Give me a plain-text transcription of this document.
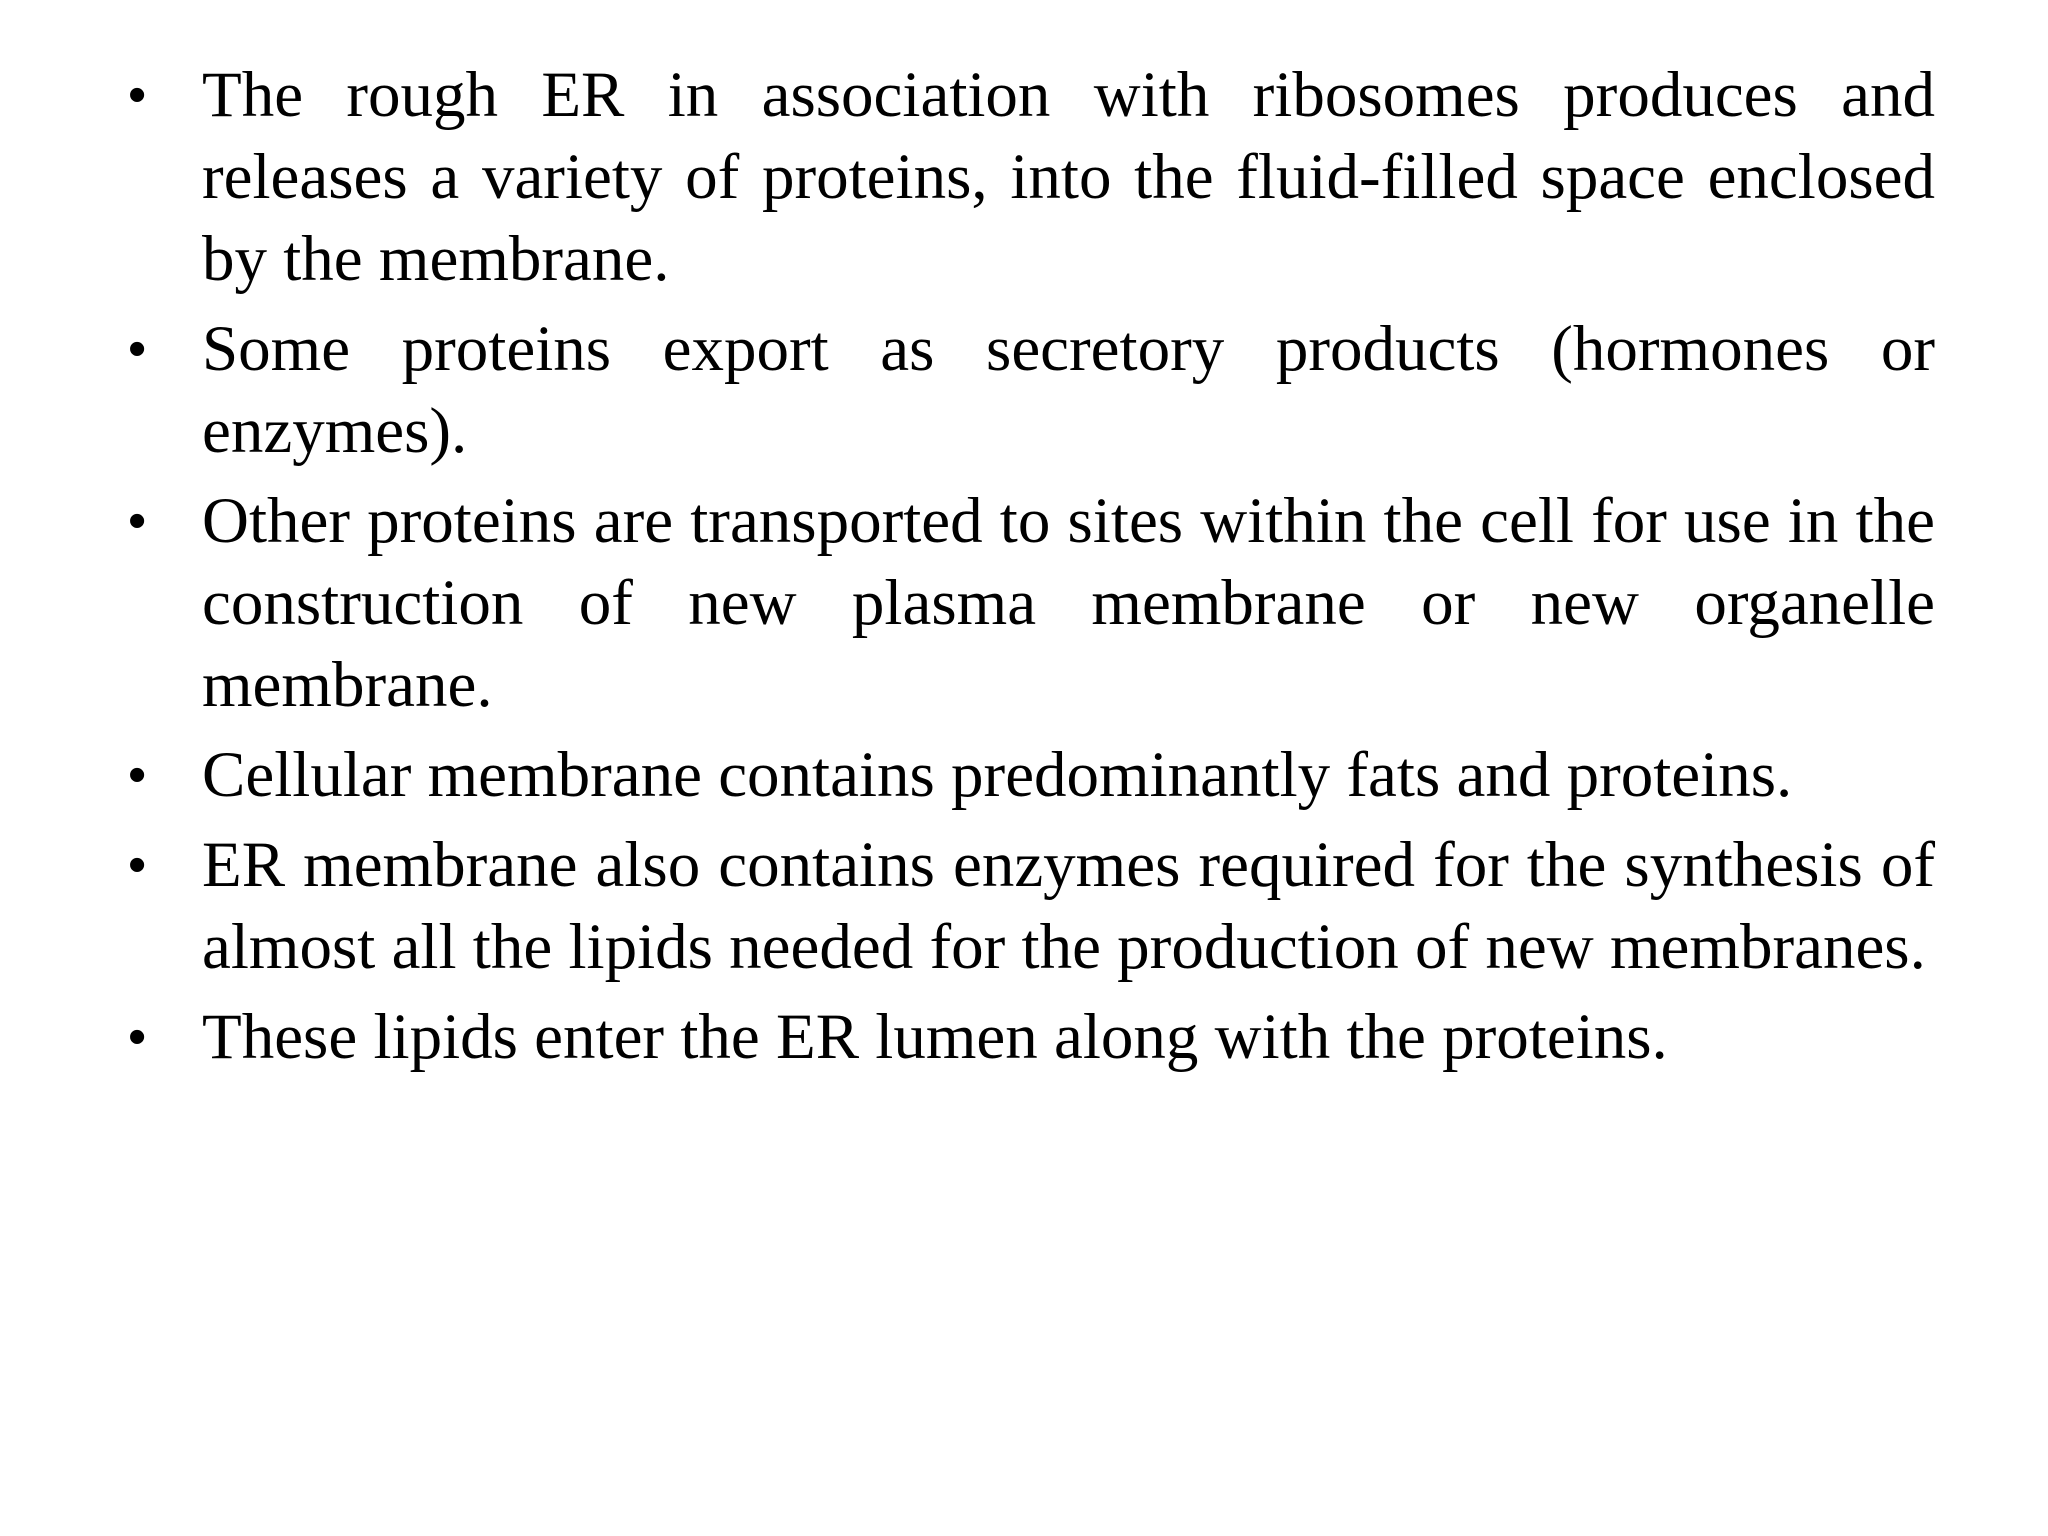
• The rough ER in association with ribosomes produces and releases a variety of proteins, into the fluid-filled space enclosed by the membrane.
• Some proteins export as secretory products (hormones or enzymes).
• Other proteins are transported to sites within the cell for use in the construction of new plasma membrane or new organelle membrane.
• Cellular membrane contains predominantly fats and proteins.
• ER membrane also contains enzymes required for the synthesis of almost all the lipids needed for the production of new membranes.
• These lipids enter the ER lumen along with the proteins.
